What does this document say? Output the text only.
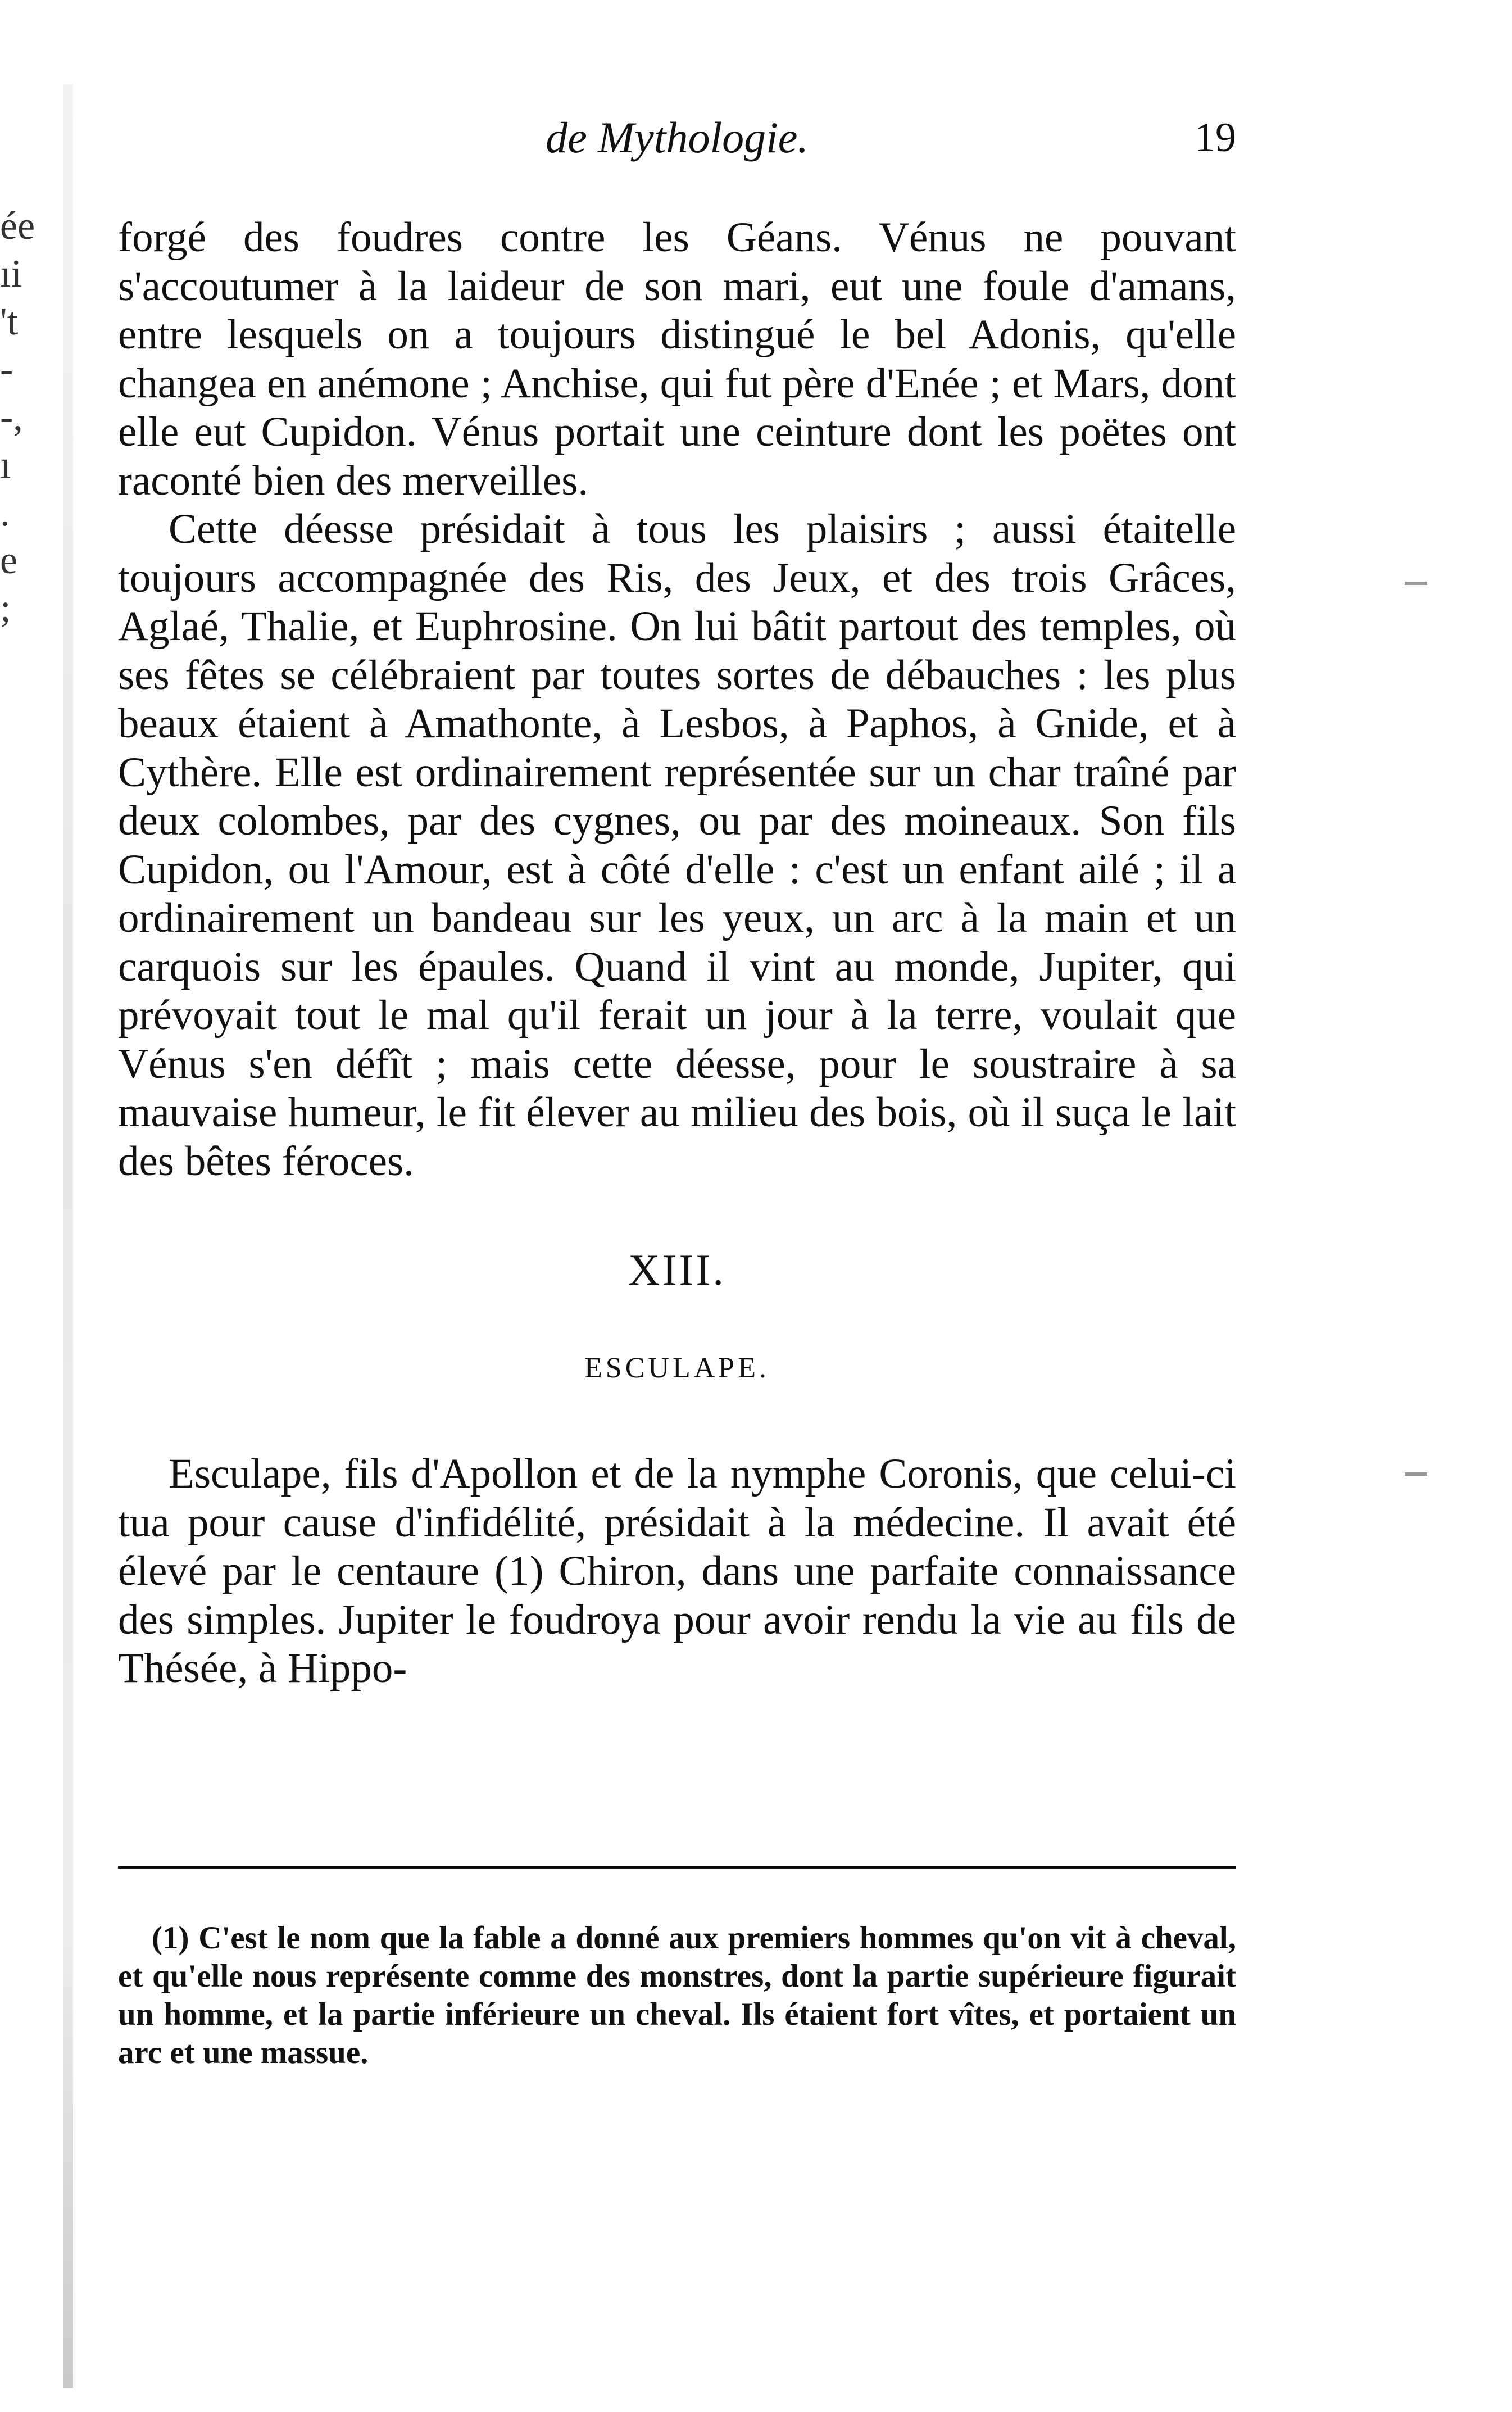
ée
ıi
't
-
-,
ı
.
e
;
de Mythologie.	19

forgé des foudres contre les Géans. Vénus ne pouvant s'accoutumer à la laideur de son mari, eut une foule d'amans, entre lesquels on a toujours distingué le bel Adonis, qu'elle changea en anémone ; Anchise, qui fut père d'Enée ; et Mars, dont elle eut Cupidon. Vénus portait une ceinture dont les poëtes ont raconté bien des merveilles.

Cette déesse présidait à tous les plaisirs ; aussi étaitelle toujours accompagnée des Ris, des Jeux, et des trois Grâces, Aglaé, Thalie, et Euphrosine. On lui bâtit partout des temples, où ses fêtes se célébraient par toutes sortes de débauches : les plus beaux étaient à Amathonte, à Lesbos, à Paphos, à Gnide, et à Cythère. Elle est ordinairement représentée sur un char traîné par deux colombes, par des cygnes, ou par des moineaux. Son fils Cupidon, ou l'Amour, est à côté d'elle : c'est un enfant ailé ; il a ordinairement un bandeau sur les yeux, un arc à la main et un carquois sur les épaules. Quand il vint au monde, Jupiter, qui prévoyait tout le mal qu'il ferait un jour à la terre, voulait que Vénus s'en défît ; mais cette déesse, pour le soustraire à sa mauvaise humeur, le fit élever au milieu des bois, où il suça le lait des bêtes féroces.

XIII.
ESCULAPE.

Esculape, fils d'Apollon et de la nymphe Coronis, que celui-ci tua pour cause d'infidélité, présidait à la médecine. Il avait été élevé par le centaure (1) Chiron, dans une parfaite connaissance des simples. Jupiter le foudroya pour avoir rendu la vie au fils de Thésée, à Hippo-

(1) C'est le nom que la fable a donné aux premiers hommes qu'on vit à cheval, et qu'elle nous représente comme des monstres, dont la partie supérieure figurait un homme, et la partie inférieure un cheval. Ils étaient fort vîtes, et portaient un arc et une massue.
